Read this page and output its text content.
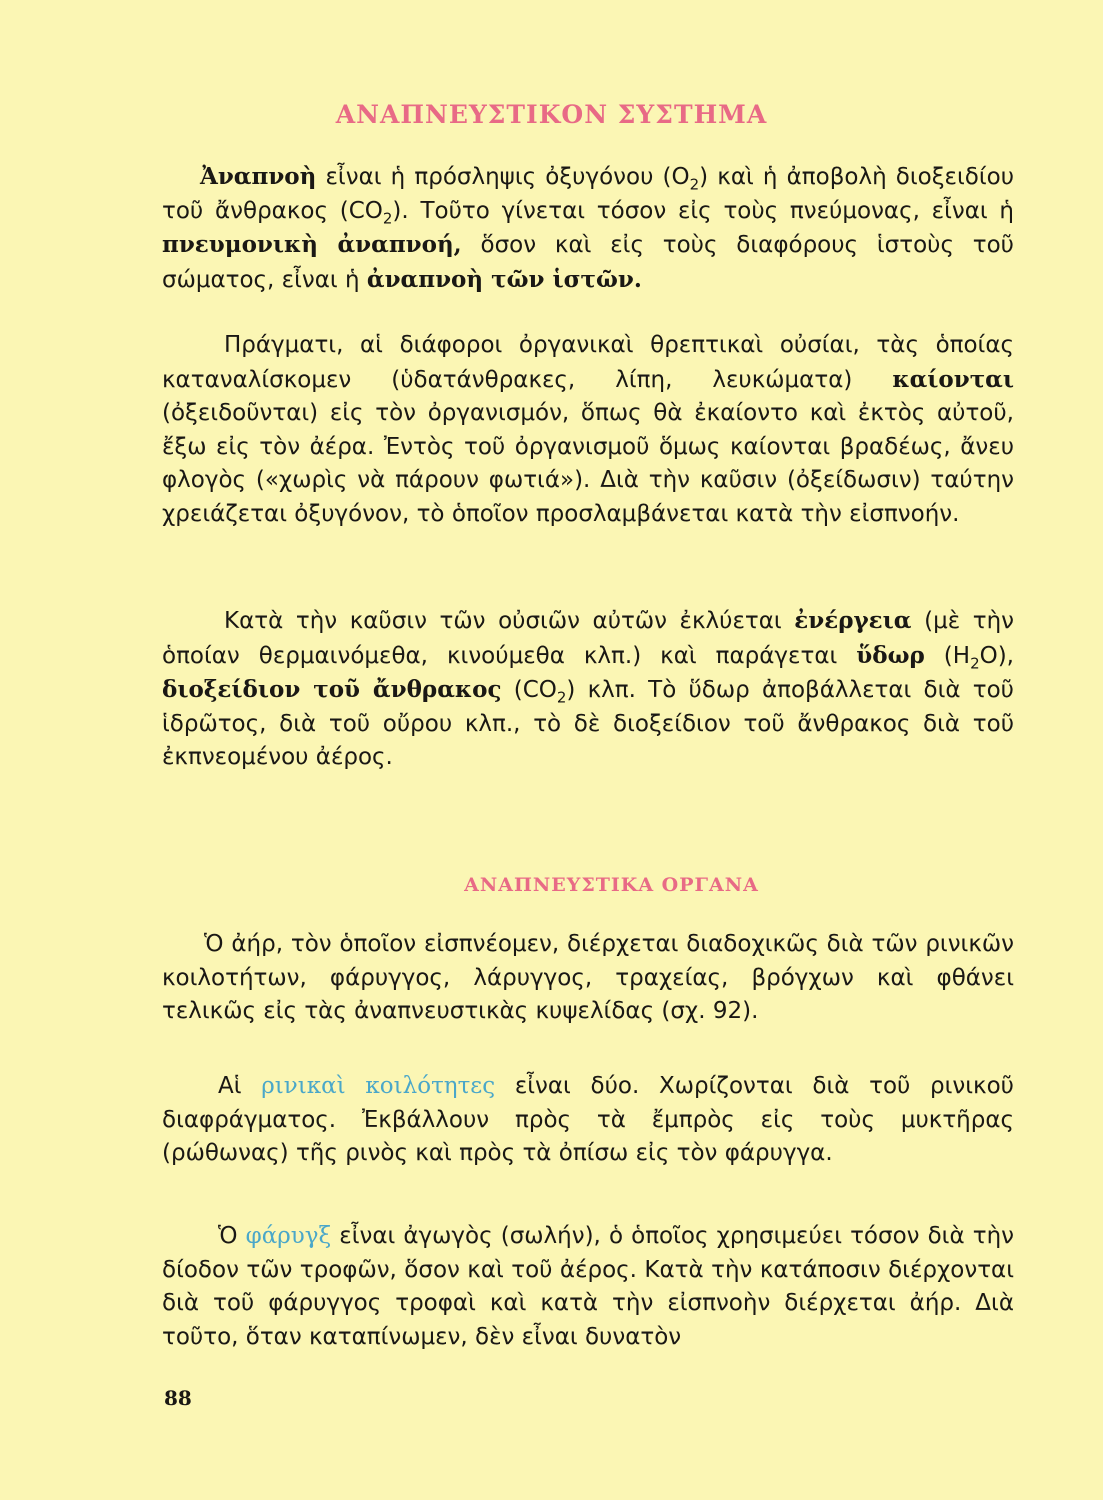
ΑΝΑΠΝΕΥΣΤΙΚΟΝ ΣΥΣΤΗΜΑ

Ἀναπνοὴ εἶναι ἡ πρόσληψις ὀξυγόνου $(O_2)$ καὶ ἡ ἀποβολὴ διοξειδίου τοῦ ἄνθρακος $(CO_2)$. Τοῦτο γίνεται τόσον εἰς τοὺς πνεύμονας, εἶναι ἡ πνευμονικὴ ἀναπνοή, ὅσον καὶ εἰς τοὺς διαφόρους ἱστοὺς τοῦ σώματος, εἶναι ἡ ἀναπνοὴ τῶν ἱστῶν.

Πράγματι, αἱ διάφοροι ὀργανικαὶ θρεπτικαὶ οὐσίαι, τὰς ὁποίας καταναλίσκομεν (ὑδατάνθρακες, λίπη, λευκώματα) καίονται (ὀξειδοῦνται) εἰς τὸν ὀργανισμόν, ὅπως θὰ ἐκαίοντο καὶ ἐκτὸς αὐτοῦ, ἔξω εἰς τὸν ἀέρα. Ἐντὸς τοῦ ὀργανισμοῦ ὅμως καίονται βραδέως, ἄνευ φλογὸς («χωρὶς νὰ πάρουν φωτιά»). Διὰ τὴν καῦσιν (ὀξείδωσιν) ταύτην χρειάζεται ὀξυγόνον, τὸ ὁποῖον προσλαμβάνεται κατὰ τὴν εἰσπνοήν.

Κατὰ τὴν καῦσιν τῶν οὐσιῶν αὐτῶν ἐκλύεται ἐνέργεια (μὲ τὴν ὁποίαν θερμαινόμεθα, κινούμεθα κλπ.) καὶ παράγεται ὕδωρ $(H_2O)$, διοξείδιον τοῦ ἄνθρακος $(CO_2)$ κλπ. Τὸ ὕδωρ ἀποβάλλεται διὰ τοῦ ἱδρῶτος, διὰ τοῦ οὔρου κλπ., τὸ δὲ διοξείδιον τοῦ ἄνθρακος διὰ τοῦ ἐκπνεομένου ἀέρος.

ΑΝΑΠΝΕΥΣΤΙΚΑ ΟΡΓΑΝΑ

Ὁ ἀήρ, τὸν ὁποῖον εἰσπνέομεν, διέρχεται διαδοχικῶς διὰ τῶν ρινικῶν κοιλοτήτων, φάρυγγος, λάρυγγος, τραχείας, βρόγχων καὶ φθάνει τελικῶς εἰς τὰς ἀναπνευστικὰς κυψελίδας (σχ. 92).

Αἱ ρινικαὶ κοιλότητες εἶναι δύο. Χωρίζονται διὰ τοῦ ρινικοῦ διαφράγματος. Ἐκβάλλουν πρὸς τὰ ἔμπρὸς εἰς τοὺς μυκτῆρας (ρώθωνας) τῆς ρινὸς καὶ πρὸς τὰ ὀπίσω εἰς τὸν φάρυγγα.

Ὁ φάρυγξ εἶναι ἀγωγὸς (σωλήν), ὁ ὁποῖος χρησιμεύει τόσον διὰ τὴν δίοδον τῶν τροφῶν, ὅσον καὶ τοῦ ἀέρος. Κατὰ τὴν κατάποσιν διέρχονται διὰ τοῦ φάρυγγος τροφαὶ καὶ κατὰ τὴν εἰσπνοὴν διέρχεται ἀήρ. Διὰ τοῦτο, ὅταν καταπίνωμεν, δὲν εἶναι δυνατὸν

88
